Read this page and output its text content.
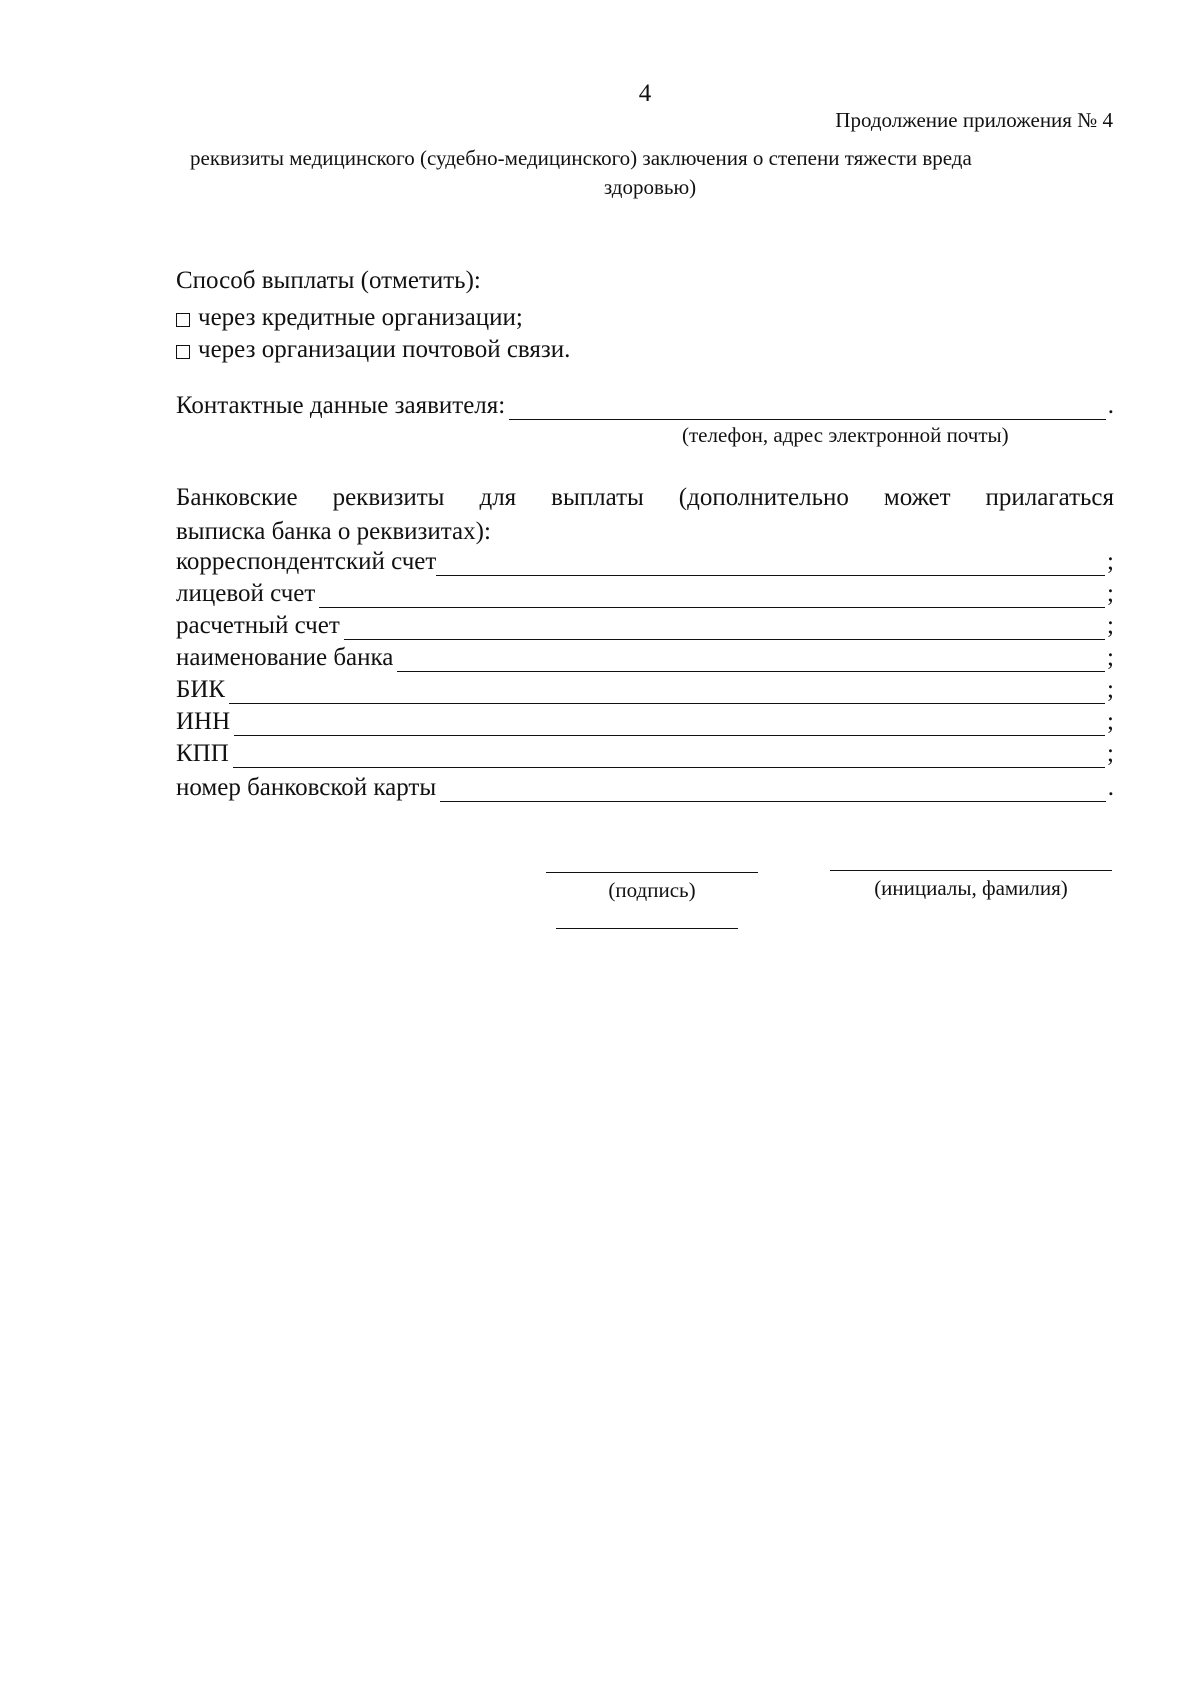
4
Продолжение приложения № 4
реквизиты медицинского (судебно-медицинского) заключения о степени тяжести вреда
здоровью)
Способ выплаты (отметить):
через кредитные организации;
через организации почтовой связи.
Контактные данные заявителя:	.
(телефон, адрес электронной почты)
Банковские реквизиты для выплаты (дополнительно может прилагаться
выписка банка о реквизитах):
корреспондентский счет	;
лицевой счет	;
расчетный счет	;
наименование банка	;
БИК	;
ИНН	;
КПП	;
номер банковской карты	.
(подпись)	(инициалы, фамилия)
